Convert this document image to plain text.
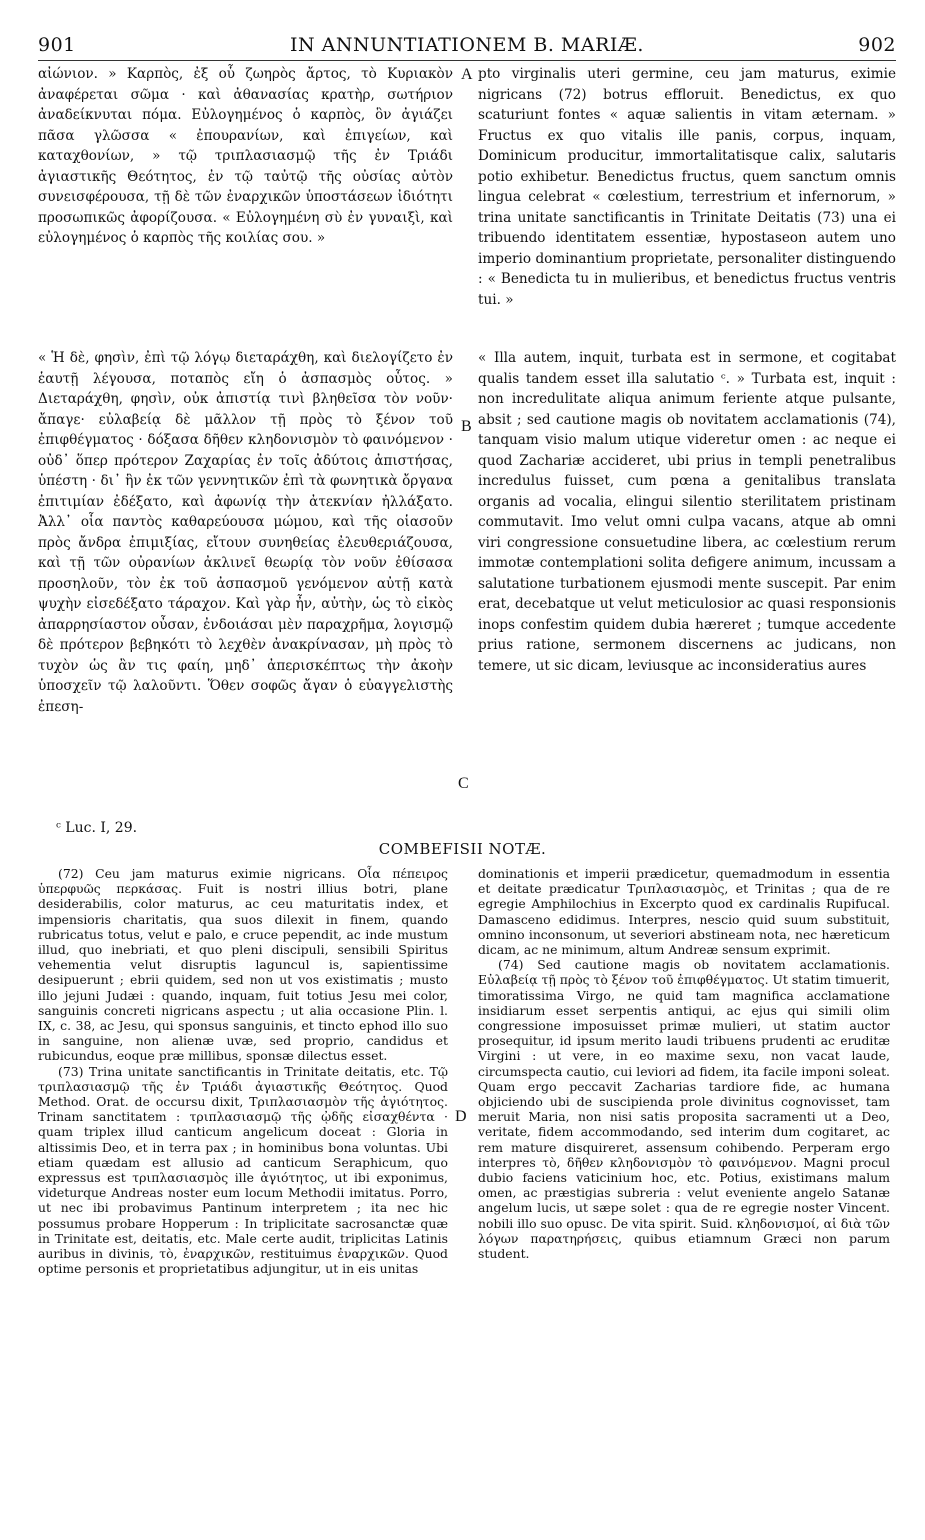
901	IN ANNUNTIATIONEM B. MARIÆ.	902
αἰώνιον. » Καρπὸς, ἐξ οὗ ζωηρὸς ἄρτος, τὸ Κυριακὸν ἀναφέρεται σῶμα · καὶ ἀθανασίας κρατὴρ, σωτήριον ἀναδείκνυται πόμα. Εὐλογημένος ὁ καρπὸς, ὃν ἀγιάζει πᾶσα γλῶσσα « ἐπουρανίων, καὶ ἐπιγείων, καὶ καταχθονίων, » τῷ τριπλασιασμῷ τῆς ἐν Τριάδι ἀγιαστικῆς Θεότητος, ἐν τῷ ταὐτῷ τῆς οὐσίας αὐτὸν συνεισφέρουσα, τῇ δὲ τῶν ἐναρχικῶν ὑποστάσεων ἰδιότητι προσωπικῶς ἀφορίζουσα. « Εὐλογημένη σὺ ἐν γυναιξὶ, καὶ εὐλογημένος ὁ καρπὸς τῆς κοιλίας σου. »
pto virginalis uteri germine, ceu jam maturus, eximie nigricans (72) botrus effloruit. Benedictus, ex quo scaturiunt fontes « aquæ salientis in vitam æternam. » Fructus ex quo vitalis ille panis, corpus, inquam, Dominicum producitur, immortalitatisque calix, salutaris potio exhibetur. Benedictus fructus, quem sanctum omnis lingua celebrat « cœlestium, terrestrium et infernorum, » trina unitate sanctificantis in Trinitate Deitatis (73) una ei tribuendo identitatem essentiæ, hypostaseon autem uno imperio dominantium proprietate, personaliter distinguendo : « Benedicta tu in mulieribus, et benedictus fructus ventris tui. »
« Ἡ δὲ, φησὶν, ἐπὶ τῷ λόγῳ διεταράχθη, καὶ διελογίζετο ἐν ἑαυτῇ λέγουσα, ποταπὸς εἴη ὁ ἀσπασμὸς οὗτος. » Διεταράχθη, φησὶν, οὐκ ἀπιστίᾳ τινὶ βληθεῖσα τὸν νοῦν· ἄπαγε· εὐλαβείᾳ δὲ μᾶλλον τῇ πρὸς τὸ ξένον τοῦ ἐπιφθέγματος · δόξασα δῆθεν κληδονισμὸν τὸ φαινόμενον · οὐδ᾽ ὅπερ πρότερον Ζαχαρίας ἐν τοῖς ἀδύτοις ἀπιστήσας, ὑπέστη · δι᾽ ἣν ἐκ τῶν γεννητικῶν ἐπὶ τὰ φωνητικὰ ὄργανα ἐπιτιμίαν ἐδέξατο, καὶ ἀφωνίᾳ τὴν ἀτεκνίαν ἠλλάξατο. Ἀλλ᾽ οἷα παντὸς καθαρεύουσα μώμου, καὶ τῆς οἱασοῦν πρὸς ἄνδρα ἐπιμιξίας, εἴτουν συνηθείας ἐλευθεριάζουσα, καὶ τῇ τῶν οὐρανίων ἀκλινεῖ θεωρίᾳ τὸν νοῦν ἐθίσασα προσηλοῦν, τὸν ἐκ τοῦ ἀσπασμοῦ γενόμενον αὐτῇ κατὰ ψυχὴν εἰσεδέξατο τάραχον. Καὶ γὰρ ἦν, αὐτὴν, ὡς τὸ εἰκὸς ἀπαρρησίαστον οὖσαν, ἐνδοιάσαι μὲν παραχρῆμα, λογισμῷ δὲ πρότερον βεβηκότι τὸ λεχθὲν ἀνακρίνασαν, μὴ πρὸς τὸ τυχὸν ὡς ἂν τις φαίη, μηδ᾽ ἀπερισκέπτως τὴν ἀκοὴν ὑποσχεῖν τῷ λαλοῦντι. Ὅθεν σοφῶς ἄγαν ὁ εὐαγγελιστὴς ἐπεση-
« Illa autem, inquit, turbata est in sermone, et cogitabat qualis tandem esset illa salutatio ᶜ. » Turbata est, inquit : non incredulitate aliqua animum feriente atque pulsante, absit ; sed cautione magis ob novitatem acclamationis (74), tanquam visio malum utique videretur omen : ac neque ei quod Zachariæ accideret, ubi prius in templi penetralibus incredulus fuisset, cum pœna a genitalibus translata organis ad vocalia, elingui silentio sterilitatem pristinam commutavit. Imo velut omni culpa vacans, atque ab omni viri congressione consuetudine libera, ac cœlestium rerum immotæ contemplationi solita defigere animum, incussam a salutatione turbationem ejusmodi mente suscepit. Par enim erat, decebatque ut velut meticulosior ac quasi responsionis inops confestim quidem dubia hæreret ; tumque accedente prius ratione, sermonem discernens ac judicans, non temere, ut sic dicam, leviusque ac inconsideratius aures
A
B
C
D
ᶜ Luc. I, 29.
COMBEFISII NOTÆ.

(72) Ceu jam maturus eximie nigricans. Οἷα πέπειρος ὑπερφυῶς περκάσας. Fuit is nostri illius botri, plane desiderabilis, color maturus, ac ceu maturitatis index, et impensioris charitatis, qua suos dilexit in finem, quando rubricatus totus, velut e palo, e cruce pependit, ac inde mustum illud, quo inebriati, et quo pleni discipuli, sensibili Spiritus vehementia velut disruptis laguncul is, sapientissime desipuerunt ; ebrii quidem, sed non ut vos existimatis ; musto illo jejuni Judæi : quando, inquam, fuit totius Jesu mei color, sanguinis concreti nigricans aspectu ; ut alia occasione Plin. l. IX, c. 38, ac Jesu, qui sponsus sanguinis, et tincto ephod illo suo in sanguine, non alienæ uvæ, sed proprio, candidus et rubicundus, eoque præ millibus, sponsæ dilectus esset.

(73) Trina unitate sanctificantis in Trinitate deitatis, etc. Τῷ τριπλασιασμῷ τῆς ἐν Τριάδι ἀγιαστικῆς Θεότητος. Quod Method. Orat. de occursu dixit, Τριπλασιασμὸν τῆς ἁγιότητος. Trinam sanctitatem : τριπλασιασμῷ τῆς ᾠδῆς εἰσαχθέντα · quam triplex illud canticum angelicum doceat : Gloria in altissimis Deo, et in terra pax ; in hominibus bona voluntas. Ubi etiam quædam est allusio ad canticum Seraphicum, quo expressus est τριπλασιασμὸς ille ἁγιότητος, ut ibi exponimus, videturque Andreas noster eum locum Methodii imitatus. Porro, ut nec ibi probavimus Pantinum interpretem ; ita nec hic possumus probare Hopperum : In triplicitate sacrosanctæ quæ in Trinitate est, deitatis, etc. Male certe audit, triplicitas Latinis auribus in divinis, τὸ, ἐναρχικῶν, restituimus ἐναρχικῶν. Quod optime personis et proprietatibus adjungitur, ut in eis unitas

dominationis et imperii prædicetur, quemadmodum in essentia et deitate prædicatur Τριπλασιασμὸς, et Trinitas ; qua de re egregie Amphilochius in Excerpto quod ex cardinalis Rupifucal. Damasceno edidimus. Interpres, nescio quid suum substituit, omnino inconsonum, ut severiori abstineam nota, nec hæreticum dicam, ac ne minimum, altum Andreæ sensum exprimit.

(74) Sed cautione magis ob novitatem acclamationis. Εὐλαβείᾳ τῇ πρὸς τὸ ξένον τοῦ ἐπιφθέγματος. Ut statim timuerit, timoratissima Virgo, ne quid tam magnifica acclamatione insidiarum esset serpentis antiqui, ac ejus qui simili olim congressione imposuisset primæ mulieri, ut statim auctor prosequitur, id ipsum merito laudi tribuens prudenti ac eruditæ Virgini : ut vere, in eo maxime sexu, non vacat laude, circumspecta cautio, cui leviori ad fidem, ita facile imponi soleat. Quam ergo peccavit Zacharias tardiore fide, ac humana objiciendo ubi de suscipienda prole divinitus cognovisset, tam meruit Maria, non nisi satis proposita sacramenti ut a Deo, veritate, fidem accommodando, sed interim dum cogitaret, ac rem mature disquireret, assensum cohibendo. Perperam ergo interpres τὸ, δῆθεν κληδονισμὸν τὸ φαινόμενον. Magni procul dubio faciens vaticinium hoc, etc. Potius, existimans malum omen, ac præstigias subreria : velut eveniente angelo Satanæ angelum lucis, ut sæpe solet : qua de re egregie noster Vincent. nobili illo suo opusc. De vita spirit. Suid. κληδονισμοί, αἱ διὰ τῶν λόγων παρατηρήσεις, quibus etiamnum Græci non parum student.
